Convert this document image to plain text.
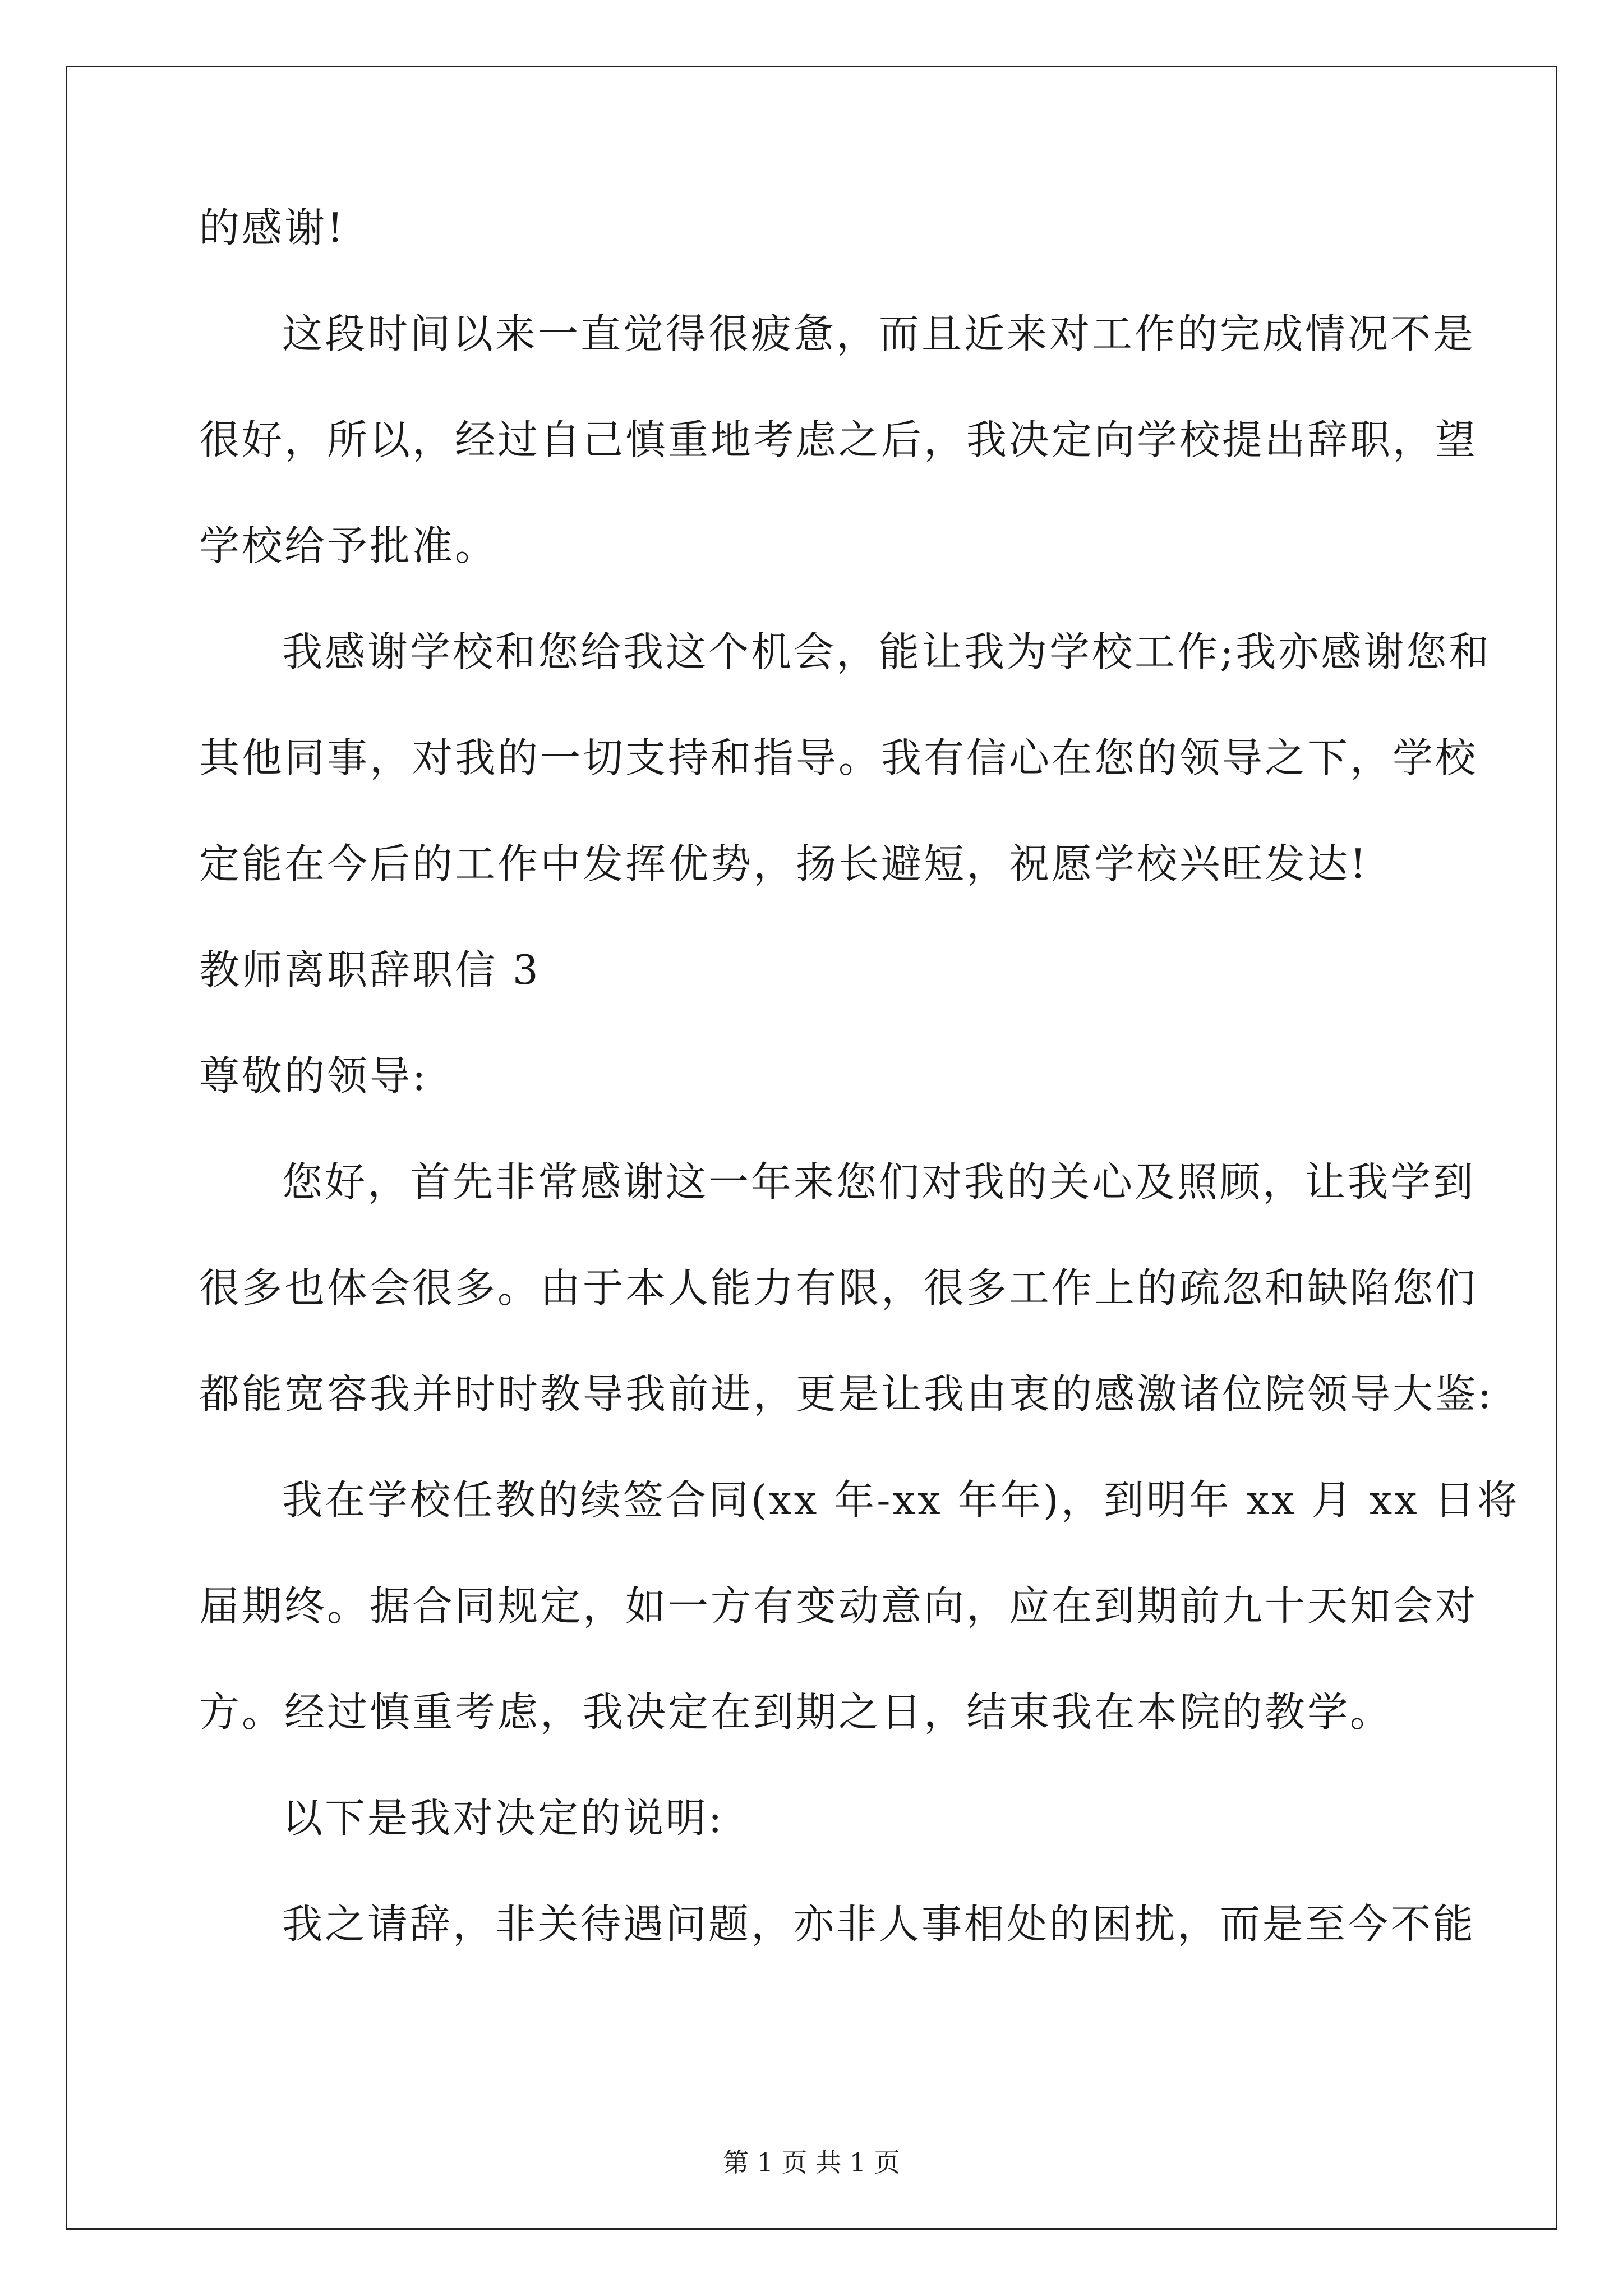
的感谢!
这段时间以来一直觉得很疲惫，而且近来对工作的完成情况不是
很好，所以，经过自己慎重地考虑之后，我决定向学校提出辞职，望
学校给予批准。
我感谢学校和您给我这个机会，能让我为学校工作;我亦感谢您和
其他同事，对我的一切支持和指导。我有信心在您的领导之下，学校
定能在今后的工作中发挥优势，扬长避短，祝愿学校兴旺发达!
教师离职辞职信 3
尊敬的领导:
您好，首先非常感谢这一年来您们对我的关心及照顾，让我学到
很多也体会很多。由于本人能力有限，很多工作上的疏忽和缺陷您们
都能宽容我并时时教导我前进，更是让我由衷的感激诸位院领导大鉴:
我在学校任教的续签合同(xx 年-xx 年年)，到明年 xx 月 xx 日将
届期终。据合同规定，如一方有变动意向，应在到期前九十天知会对
方。经过慎重考虑，我决定在到期之日，结束我在本院的教学。
以下是我对决定的说明:
我之请辞，非关待遇问题，亦非人事相处的困扰，而是至今不能
第 1 页 共 1 页
